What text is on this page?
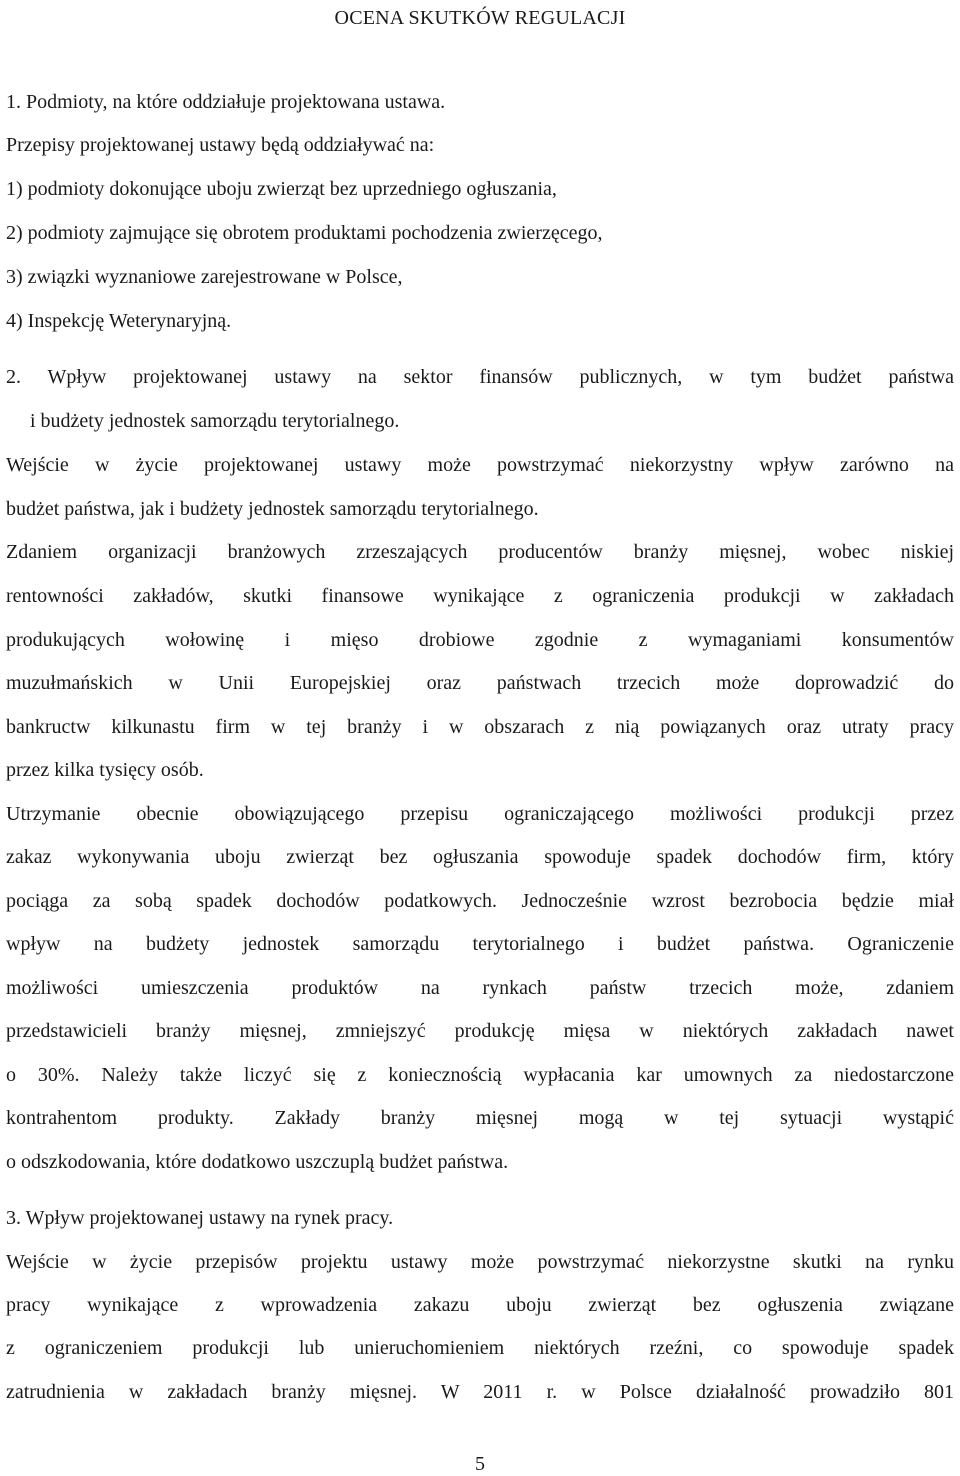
OCENA SKUTKÓW REGULACJI
1. Podmioty, na które oddziałuje projektowana ustawa.
Przepisy projektowanej ustawy będą oddziaływać na:
1) podmioty dokonujące uboju zwierząt bez uprzedniego ogłuszania,
2) podmioty zajmujące się obrotem produktami pochodzenia zwierzęcego,
3) związki wyznaniowe zarejestrowane w Polsce,
4) Inspekcję Weterynaryjną.
2. Wpływ projektowanej ustawy na sektor finansów publicznych, w tym budżet państwa
i budżety jednostek samorządu terytorialnego.
Wejście w życie projektowanej ustawy może powstrzymać niekorzystny wpływ zarówno na
budżet państwa, jak i budżety jednostek samorządu terytorialnego.
Zdaniem organizacji branżowych zrzeszających producentów branży mięsnej, wobec niskiej
rentowności zakładów, skutki finansowe wynikające z ograniczenia produkcji w zakładach
produkujących wołowinę i mięso drobiowe zgodnie z wymaganiami konsumentów
muzułmańskich w Unii Europejskiej oraz państwach trzecich może doprowadzić do
bankructw kilkunastu firm w tej branży i w obszarach z nią powiązanych oraz utraty pracy
przez kilka tysięcy osób.
Utrzymanie obecnie obowiązującego przepisu ograniczającego możliwości produkcji przez
zakaz wykonywania uboju zwierząt bez ogłuszania spowoduje spadek dochodów firm, który
pociąga za sobą spadek dochodów podatkowych. Jednocześnie wzrost bezrobocia będzie miał
wpływ na budżety jednostek samorządu terytorialnego i budżet państwa. Ograniczenie
możliwości umieszczenia produktów na rynkach państw trzecich może, zdaniem
przedstawicieli branży mięsnej, zmniejszyć produkcję mięsa w niektórych zakładach nawet
o 30%. Należy także liczyć się z koniecznością wypłacania kar umownych za niedostarczone
kontrahentom produkty. Zakłady branży mięsnej mogą w tej sytuacji wystąpić
o odszkodowania, które dodatkowo uszczuplą budżet państwa.
3. Wpływ projektowanej ustawy na rynek pracy.
Wejście w życie przepisów projektu ustawy może powstrzymać niekorzystne skutki na rynku
pracy wynikające z wprowadzenia zakazu uboju zwierząt bez ogłuszenia związane
z ograniczeniem produkcji lub unieruchomieniem niektórych rzeźni, co spowoduje spadek
zatrudnienia w zakładach branży mięsnej. W 2011 r. w Polsce działalność prowadziło 801
5
